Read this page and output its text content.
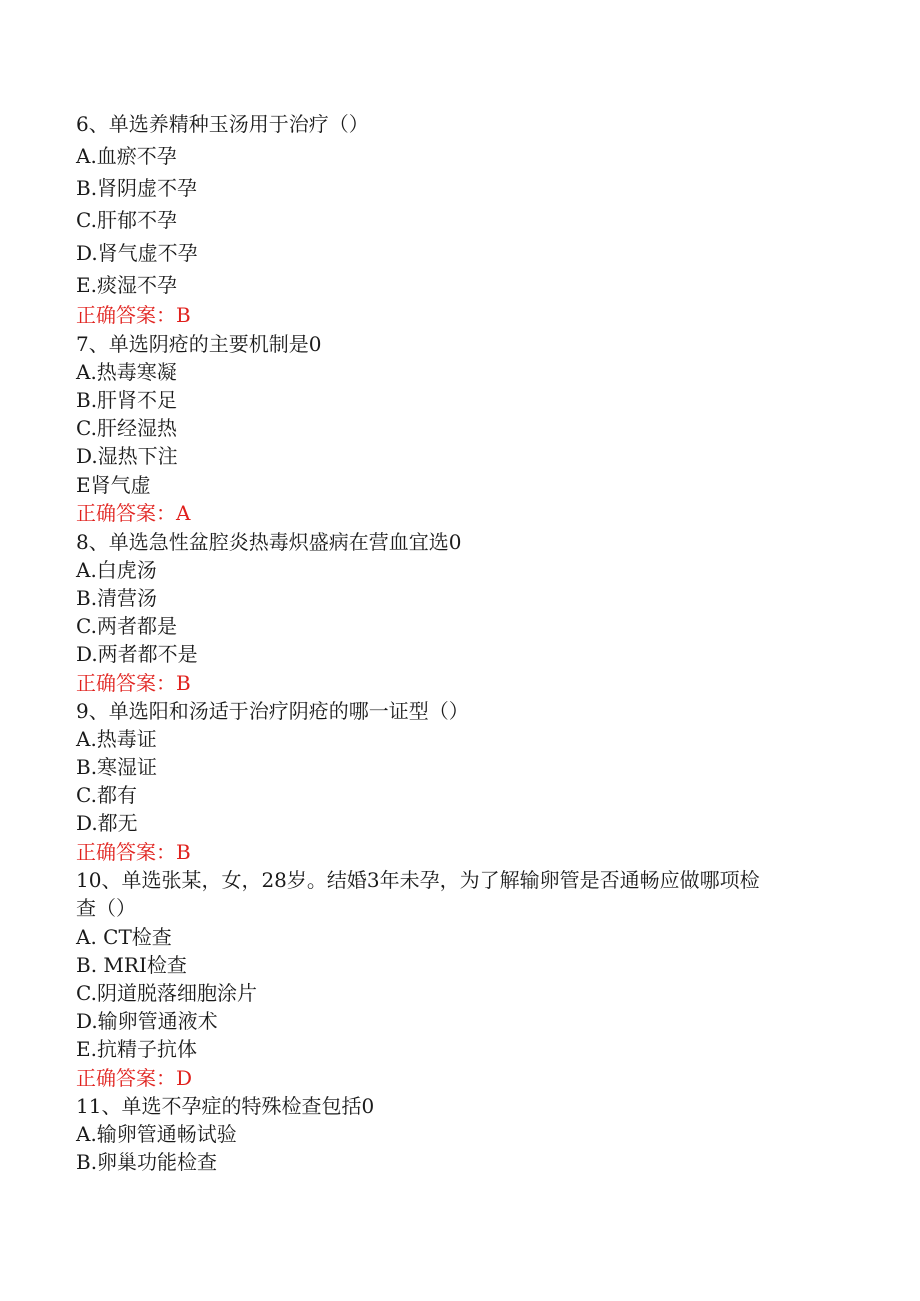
6、单选养精种玉汤用于治疗（）
A.血瘀不孕
B.肾阴虚不孕
C.肝郁不孕
D.肾气虚不孕
E.痰湿不孕
正确答案：B
7、单选阴疮的主要机制是0
A.热毒寒凝
B.肝肾不足
C.肝经湿热
D.湿热下注
E肾气虚
正确答案：A
8、单选急性盆腔炎热毒炽盛病在营血宜选0
A.白虎汤
B.清营汤
C.两者都是
D.两者都不是
正确答案：B
9、单选阳和汤适于治疗阴疮的哪一证型（）
A.热毒证
B.寒湿证
C.都有
D.都无
正确答案：B
10、单选张某，女，28岁。结婚3年未孕，为了解输卵管是否通畅应做哪项检
查（）
A. CT检查
B. MRI检查
C.阴道脱落细胞涂片
D.输卵管通液术
E.抗精子抗体
正确答案：D
11、单选不孕症的特殊检查包括0
A.输卵管通畅试验
B.卵巢功能检查
